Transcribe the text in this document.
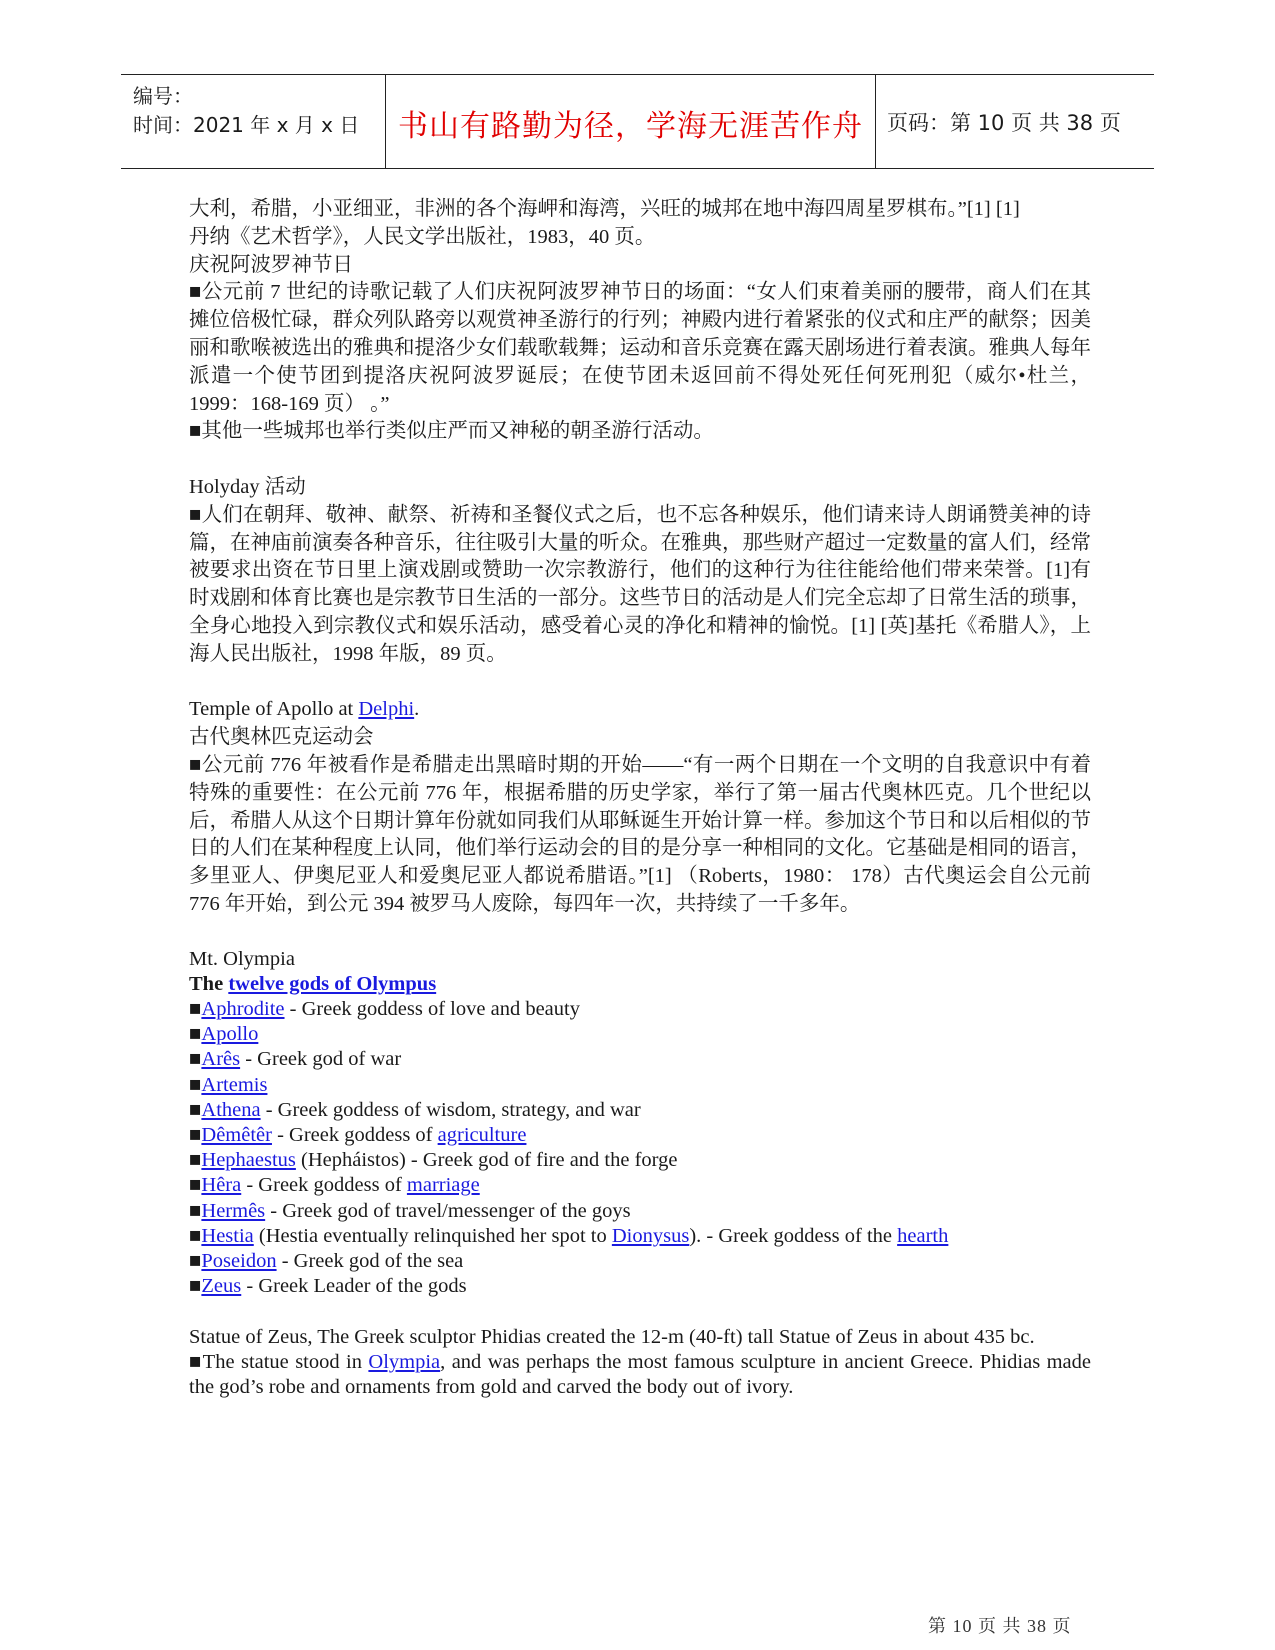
编号：
时间：2021 年 x 月 x 日	书山有路勤为径，学海无涯苦作舟	页码：第 10 页 共 38 页

大利，希腊，小亚细亚，非洲的各个海岬和海湾，兴旺的城邦在地中海四周星罗棋布。”[1] [1]

丹纳《艺术哲学》，人民文学出版社，1983，40 页。

庆祝阿波罗神节日

■公元前 7 世纪的诗歌记载了人们庆祝阿波罗神节日的场面：“女人们束着美丽的腰带，商人们在其摊位倍极忙碌，群众列队路旁以观赏神圣游行的行列；神殿内进行着紧张的仪式和庄严的献祭；因美丽和歌喉被选出的雅典和提洛少女们载歌载舞；运动和音乐竞赛在露天剧场进行着表演。雅典人每年派遣一个使节团到提洛庆祝阿波罗诞辰；在使节团未返回前不得处死任何死刑犯（威尔•杜兰，1999：168-169 页） 。”

■其他一些城邦也举行类似庄严而又神秘的朝圣游行活动。

Holyday 活动

■人们在朝拜、敬神、献祭、祈祷和圣餐仪式之后，也不忘各种娱乐，他们请来诗人朗诵赞美神的诗篇，在神庙前演奏各种音乐，往往吸引大量的听众。在雅典，那些财产超过一定数量的富人们，经常被要求出资在节日里上演戏剧或赞助一次宗教游行，他们的这种行为往往能给他们带来荣誉。[1]有时戏剧和体育比赛也是宗教节日生活的一部分。这些节日的活动是人们完全忘却了日常生活的琐事，全身心地投入到宗教仪式和娱乐活动，感受着心灵的净化和精神的愉悦。[1] [英]基托《希腊人》，上海人民出版社，1998 年版，89 页。

Temple of Apollo at Delphi.

古代奥林匹克运动会

■公元前 776 年被看作是希腊走出黑暗时期的开始——“有一两个日期在一个文明的自我意识中有着特殊的重要性：在公元前 776 年，根据希腊的历史学家，举行了第一届古代奥林匹克。几个世纪以后，希腊人从这个日期计算年份就如同我们从耶稣诞生开始计算一样。参加这个节日和以后相似的节日的人们在某种程度上认同，他们举行运动会的目的是分享一种相同的文化。它基础是相同的语言，多里亚人、伊奥尼亚人和爱奥尼亚人都说希腊语。”[1] （Roberts，1980： 178）古代奥运会自公元前 776 年开始，到公元 394 被罗马人废除，每四年一次，共持续了一千多年。

Mt. Olympia

The twelve gods of Olympus

■Aphrodite - Greek goddess of love and beauty

■Apollo

■Arês - Greek god of war

■Artemis

■Athena - Greek goddess of wisdom, strategy, and war

■Dêmêtêr - Greek goddess of agriculture

■Hephaestus (Hepháistos) - Greek god of fire and the forge

■Hêra - Greek goddess of marriage

■Hermês - Greek god of travel/messenger of the goys

■Hestia (Hestia eventually relinquished her spot to Dionysus). - Greek goddess of the hearth

■Poseidon - Greek god of the sea

■Zeus - Greek Leader of the gods

Statue of Zeus, The Greek sculptor Phidias created the 12-m (40-ft) tall Statue of Zeus in about 435 bc.

■The statue stood in Olympia, and was perhaps the most famous sculpture in ancient Greece. Phidias made the god’s robe and ornaments from gold and carved the body out of ivory.

第 10 页 共 38 页
